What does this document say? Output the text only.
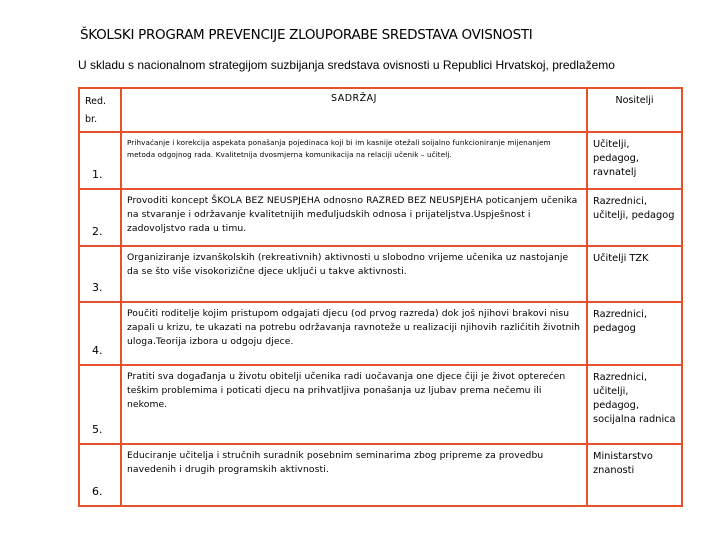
ŠKOLSKI PROGRAM PREVENCIJE ZLOUPORABE SREDSTAVA OVISNOSTI
U skladu s nacionalnom strategijom suzbijanja sredstava ovisnosti u Republici Hrvatskoj, predlažemo
Red. br.	SADRŽAJ	Nositelji
1.	Prihvaćanje i korekcija aspekata ponašanja pojedinaca koji bi im kasnije otežali soijalno funkcioniranje mijenanjem metoda odgojnog rada. Kvalitetnija dvosmjerna komunikacija na relaciji učenik – učitelj.	Učitelji, pedagog, ravnatelj
2.	Provoditi koncept ŠKOLA BEZ NEUSPJEHA odnosno RAZRED BEZ NEUSPJEHA poticanjem učenika na stvaranje i održavanje kvalitetnijih međuljudskih odnosa i prijateljstva.Uspješnost i zadovoljstvo rada u timu.	Razrednici, učitelji, pedagog
3.	Organiziranje izvanškolskih (rekreativnih) aktivnosti u slobodno vrijeme učenika uz nastojanje da se što više visokorizične djece uključi u takve aktivnosti.	Učitelji TZK
4.	Poučiti roditelje kojim pristupom odgajati djecu (od prvog razreda) dok još njihovi brakovi nisu zapali u krizu, te ukazati na potrebu održavanja ravnoteže u realizaciji njihovih različitih životnih uloga.Teorija izbora u odgoju djece.	Razrednici, pedagog
5.	Pratiti sva događanja u životu obitelji učenika radi uočavanja one djece čiji je život opterećen teškim problemima i poticati djecu na prihvatljiva ponašanja uz ljubav prema nečemu ili nekome.	Razrednici, učitelji, pedagog, socijalna radnica
6.	Educiranje učitelja i stručnih suradnik posebnim seminarima zbog pripreme za provedbu navedenih i drugih programskih aktivnosti.	Ministarstvo znanosti
